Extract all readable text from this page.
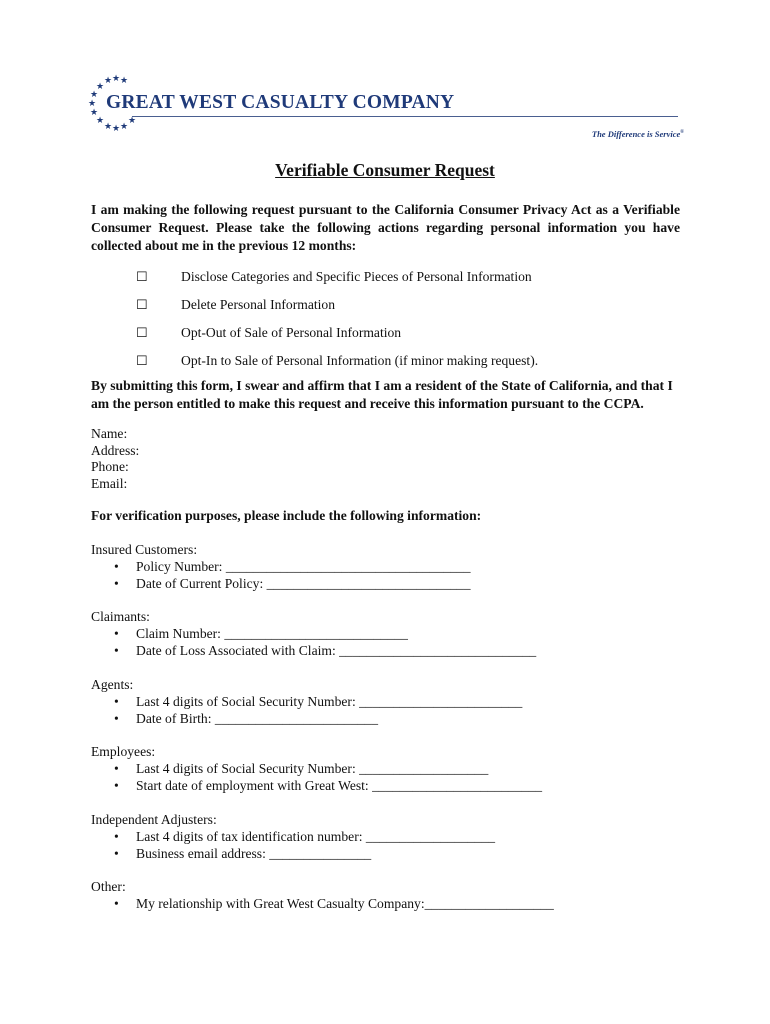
★ ★ ★
★
★
★
★
★
★ ★ ★
★
GREAT WEST CASUALTY COMPANY
The Difference is Service®
Verifiable Consumer Request
I am making the following request pursuant to the California Consumer Privacy Act as a Verifiable Consumer Request. Please take the following actions regarding personal information you have collected about me in the previous 12 months:
☐ Disclose Categories and Specific Pieces of Personal Information
☐ Delete Personal Information
☐ Opt-Out of Sale of Personal Information
☐ Opt-In to Sale of Personal Information (if minor making request).
By submitting this form, I swear and affirm that I am a resident of the State of California, and that I am the person entitled to make this request and receive this information pursuant to the CCPA.
Name:
Address:
Phone:
Email:
For verification purposes, please include the following information:
Insured Customers:
• Policy Number: ____________________________________
• Date of Current Policy: ______________________________
Claimants:
• Claim Number: ___________________________
• Date of Loss Associated with Claim: _____________________________
Agents:
• Last 4 digits of Social Security Number: ________________________
• Date of Birth: ________________________
Employees:
• Last 4 digits of Social Security Number: ___________________
• Start date of employment with Great West: _________________________
Independent Adjusters:
• Last 4 digits of tax identification number: ___________________
• Business email address: _______________
Other:
• My relationship with Great West Casualty Company:___________________
